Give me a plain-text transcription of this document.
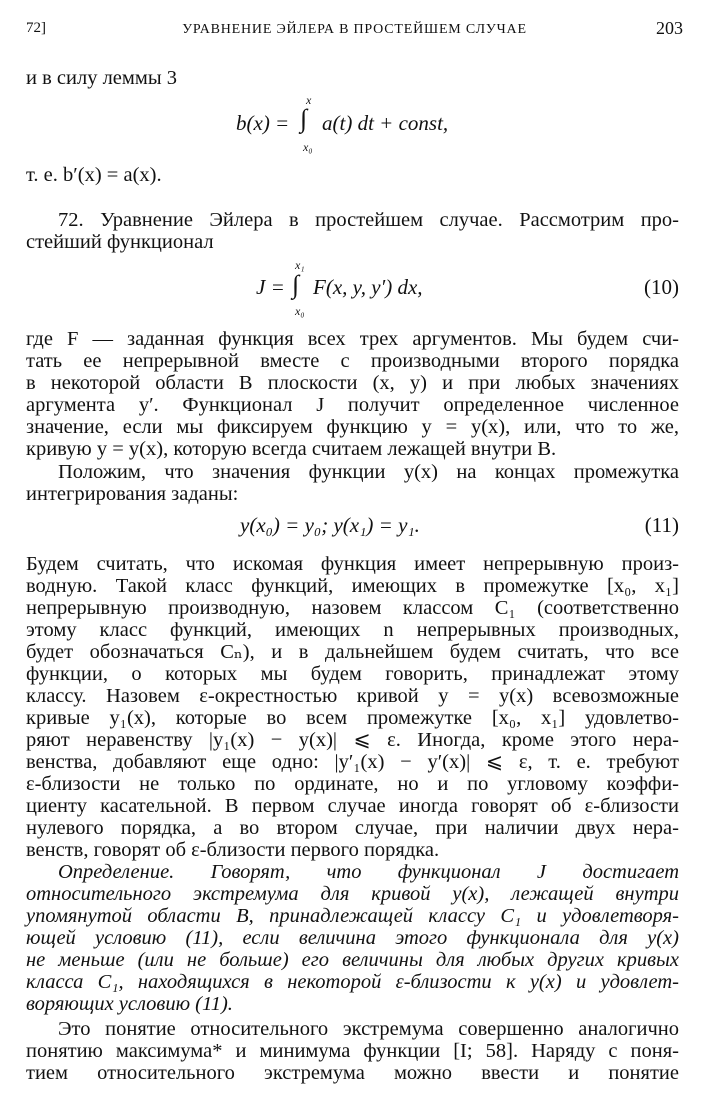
72]	УРАВНЕНИЕ ЭЙЛЕРА В ПРОСТЕЙШЕМ СЛУЧАЕ	203
и в силу леммы 3
x
∫
x₀
b(x) = a(t) dt + const,
т. е. b′(x) = a(x).
72. Уравнение Эйлера в простейшем случае. Рассмотрим про-
стейший функционал
x₁
∫
x₀
J = F(x, y, y′) dx,	(10)
где F — заданная функция всех трех аргументов. Мы будем счи-
тать ее непрерывной вместе с производными второго порядка
в некоторой области B плоскости (x, y) и при любых значениях
аргумента y′. Функционал J получит определенное численное
значение, если мы фиксируем функцию y = y(x), или, что то же,
кривую y = y(x), которую всегда считаем лежащей внутри B.
Положим, что значения функции y(x) на концах промежутка
интегрирования заданы:
y(x₀) = y₀; y(x₁) = y₁.	(11)
Будем считать, что искомая функция имеет непрерывную произ-
водную. Такой класс функций, имеющих в промежутке [x₀, x₁]
непрерывную производную, назовем классом C₁ (соответственно
этому класс функций, имеющих n непрерывных производных,
будет обозначаться Cₙ), и в дальнейшем будем считать, что все
функции, о которых мы будем говорить, принадлежат этому
классу. Назовем ε-окрестностью кривой y = y(x) всевозможные
кривые y₁(x), которые во всем промежутке [x₀, x₁] удовлетво-
ряют неравенству |y₁(x) − y(x)| ⩽ ε. Иногда, кроме этого нера-
венства, добавляют еще одно: |y′₁(x) − y′(x)| ⩽ ε, т. е. требуют
ε-близости не только по ординате, но и по угловому коэффи-
циенту касательной. В первом случае иногда говорят об ε-близости
нулевого порядка, а во втором случае, при наличии двух нера-
венств, говорят об ε-близости первого порядка.
Определение. Говорят, что функционал J достигает
относительного экстремума для кривой y(x), лежащей внутри
упомянутой области B, принадлежащей классу C₁ и удовлетворя-
ющей условию (11), если величина этого функционала для y(x)
не меньше (или не больше) его величины для любых других кривых
класса C₁, находящихся в некоторой ε-близости к y(x) и удовлет-
воряющих условию (11).
Это понятие относительного экстремума совершенно аналогично
понятию максимума* и минимума функции [I; 58]. Наряду с поня-
тием относительного экстремума можно ввести и понятие
